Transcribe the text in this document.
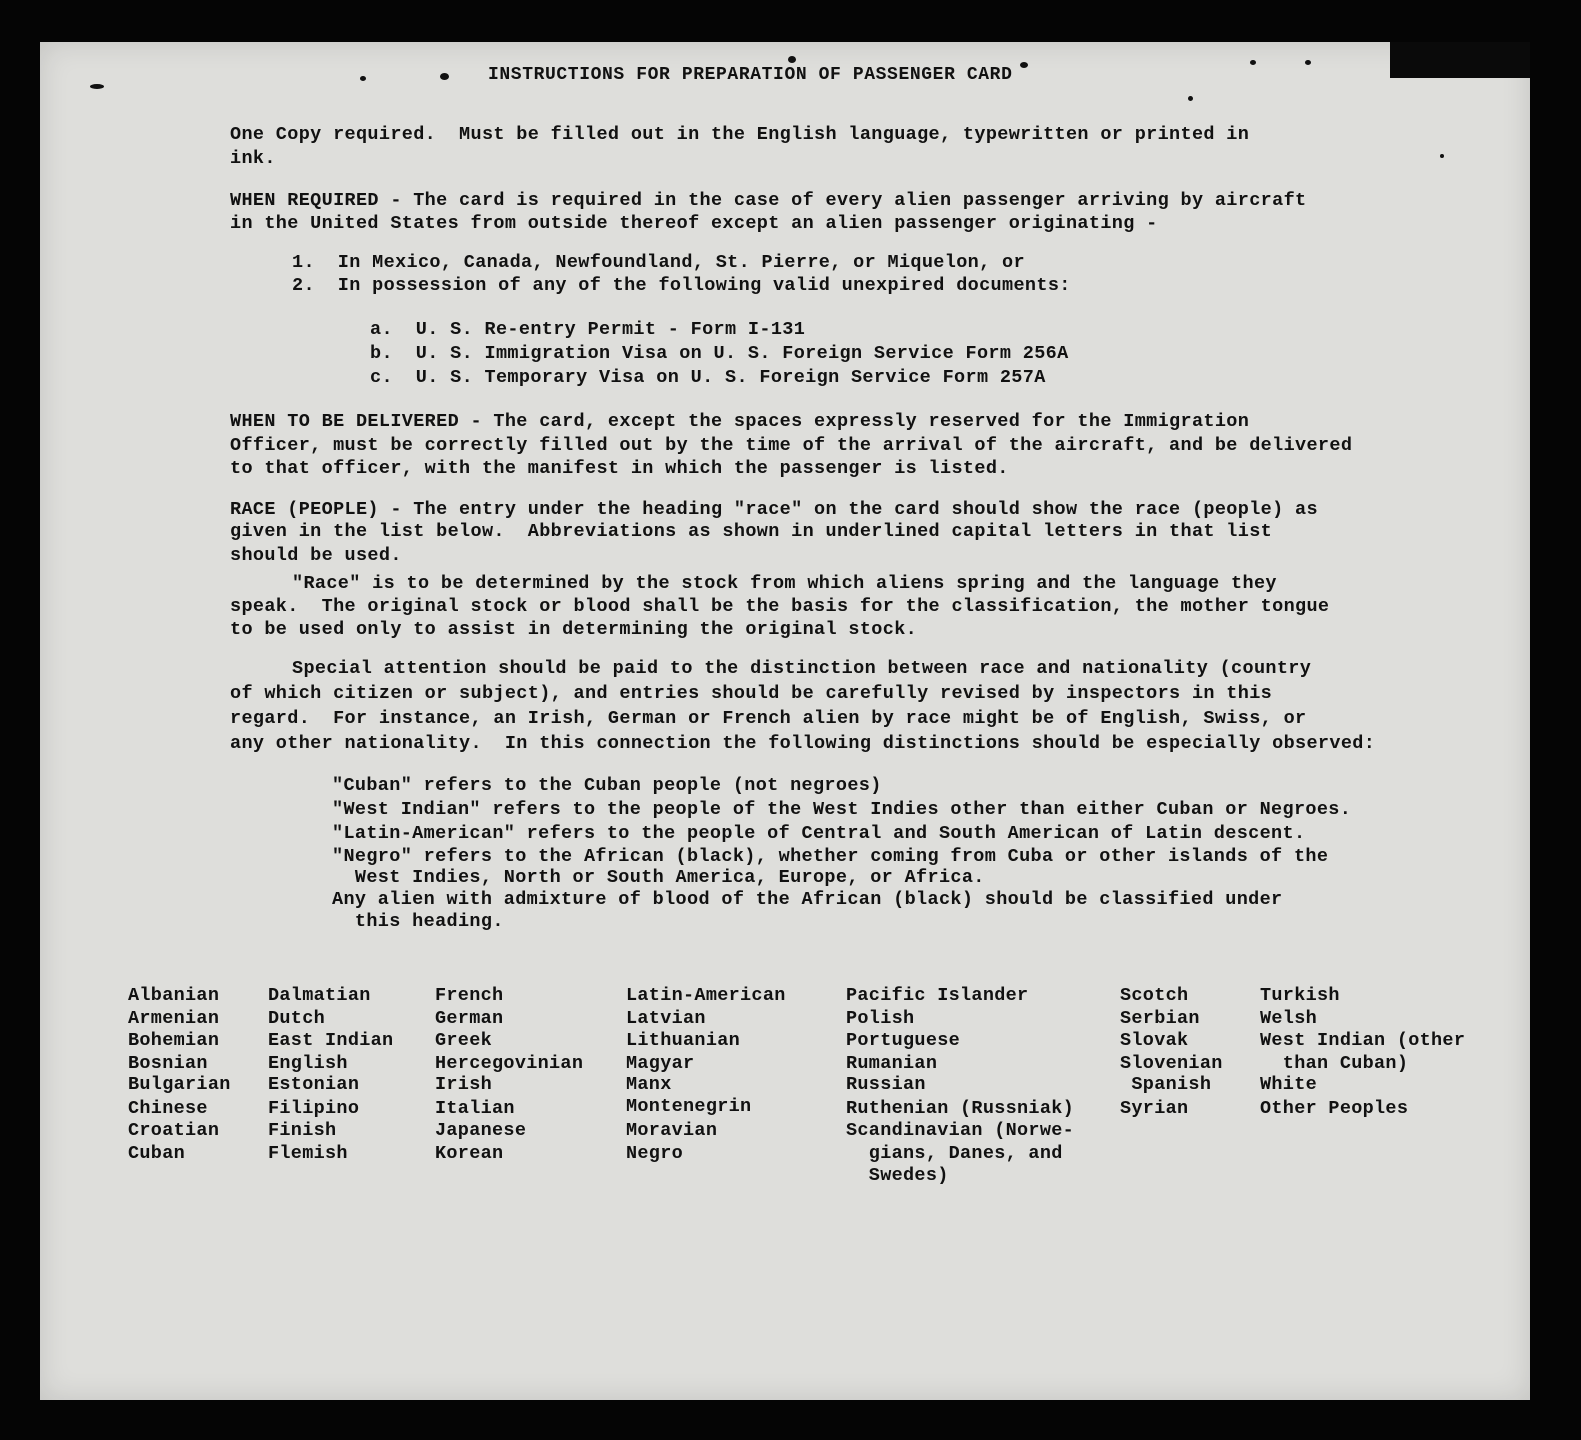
INSTRUCTIONS FOR PREPARATION OF PASSENGER CARD
One Copy required.  Must be filled out in the English language, typewritten or printed in
ink.
WHEN REQUIRED - The card is required in the case of every alien passenger arriving by aircraft
in the United States from outside thereof except an alien passenger originating -
1.  In Mexico, Canada, Newfoundland, St. Pierre, or Miquelon, or
2.  In possession of any of the following valid unexpired documents:
a.  U. S. Re-entry Permit - Form I-131
b.  U. S. Immigration Visa on U. S. Foreign Service Form 256A
c.  U. S. Temporary Visa on U. S. Foreign Service Form 257A
WHEN TO BE DELIVERED - The card, except the spaces expressly reserved for the Immigration
Officer, must be correctly filled out by the time of the arrival of the aircraft, and be delivered
to that officer, with the manifest in which the passenger is listed.
RACE (PEOPLE) - The entry under the heading "race" on the card should show the race (people) as
given in the list below.  Abbreviations as shown in underlined capital letters in that list
should be used.
"Race" is to be determined by the stock from which aliens spring and the language they
speak.  The original stock or blood shall be the basis for the classification, the mother tongue
to be used only to assist in determining the original stock.
Special attention should be paid to the distinction between race and nationality (country
of which citizen or subject), and entries should be carefully revised by inspectors in this
regard.  For instance, an Irish, German or French alien by race might be of English, Swiss, or
any other nationality.  In this connection the following distinctions should be especially observed:
"Cuban" refers to the Cuban people (not negroes)
"West Indian" refers to the people of the West Indies other than either Cuban or Negroes.
"Latin-American" refers to the people of Central and South American of Latin descent.
"Negro" refers to the African (black), whether coming from Cuba or other islands of the
West Indies, North or South America, Europe, or Africa.
Any alien with admixture of blood of the African (black) should be classified under
this heading.
Albanian
Armenian
Bohemian
Bosnian
Bulgarian
Chinese
Croatian
Cuban
Dalmatian
Dutch
East Indian
English
Estonian
Filipino
Finish
Flemish
French
German
Greek
Hercegovinian
Irish
Italian
Japanese
Korean
Latin-American
Latvian
Lithuanian
Magyar
Manx
Montenegrin
Moravian
Negro
Pacific Islander
Polish
Portuguese
Rumanian
Russian
Ruthenian (Russniak)
Scandinavian (Norwe-
gians, Danes, and
Swedes)
Scotch
Serbian
Slovak
Slovenian
Spanish
Syrian
Turkish
Welsh
West Indian (other
than Cuban)
White
Other Peoples
